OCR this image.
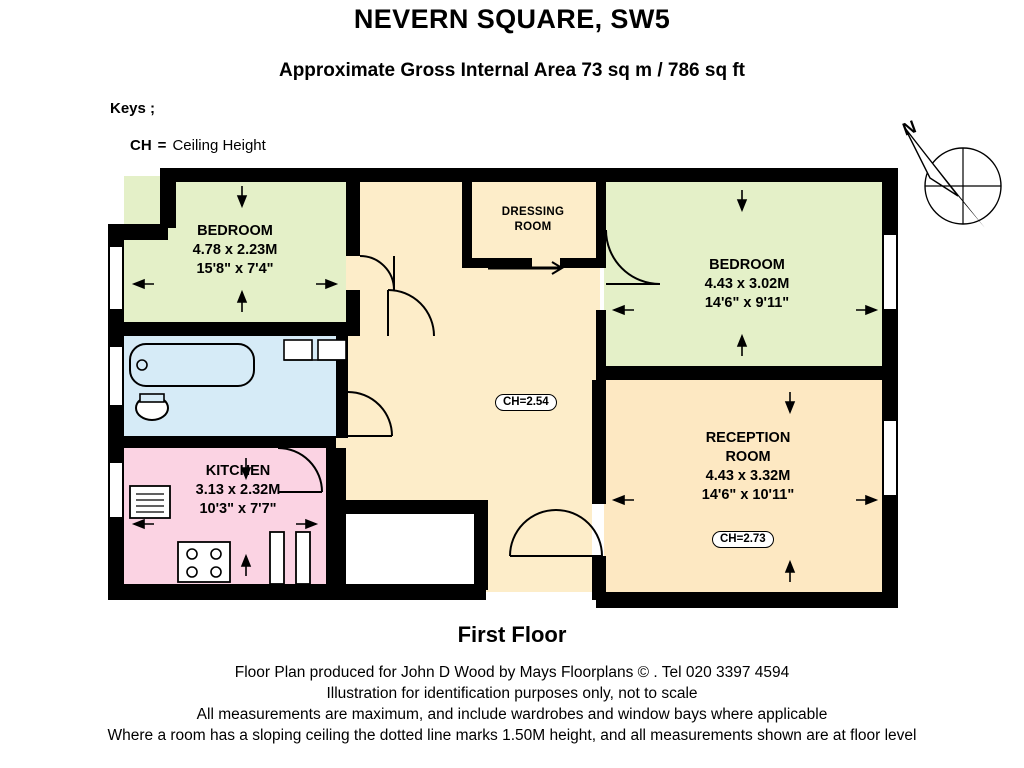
NEVERN SQUARE, SW5
Approximate Gross Internal Area 73 sq m / 786 sq ft
Keys ;
CH = Ceiling Height
N
BEDROOM
4.78 x 2.23M
15'8" x 7'4"
DRESSING
ROOM
BEDROOM
4.43 x 3.02M
14'6" x 9'11"
RECEPTION
ROOM
4.43 x 3.32M
14'6" x 10'11"
KITCHEN
3.13 x 2.32M
10'3" x 7'7"
CH=2.54
CH=2.73
First Floor
Floor Plan produced for John D Wood by Mays Floorplans © . Tel 020 3397 4594
Illustration for identification purposes only, not to scale
All measurements are maximum, and include wardrobes and window bays where applicable
Where a room has a sloping ceiling the dotted line marks 1.50M height, and all measurements shown are at floor level
